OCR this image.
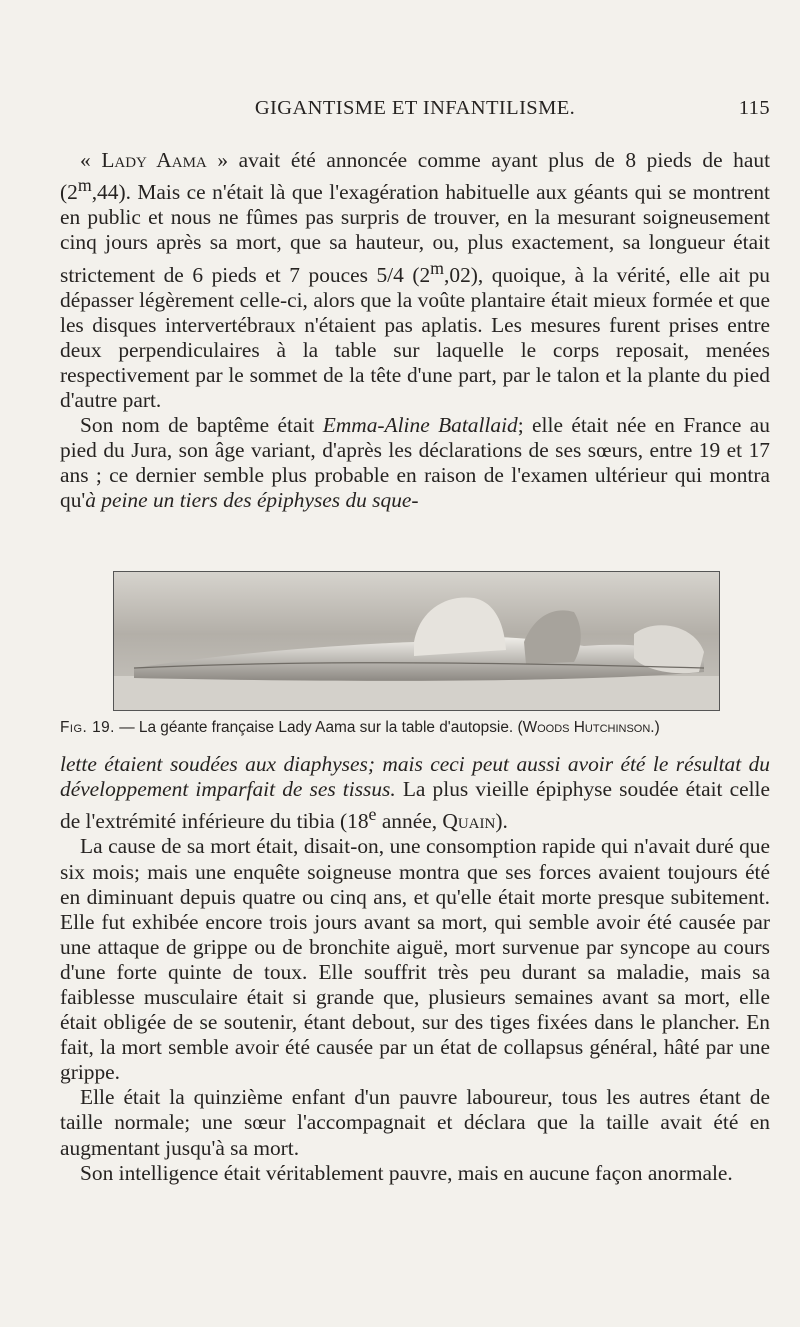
GIGANTISME ET INFANTILISME.	115

« Lady Aama » avait été annoncée comme ayant plus de 8 pieds de haut (2$^m$,44). Mais ce n'était là que l'exagération habituelle aux géants qui se montrent en public et nous ne fûmes pas surpris de trouver, en la mesurant soigneusement cinq jours après sa mort, que sa hauteur, ou, plus exactement, sa longueur était strictement de 6 pieds et 7 pouces 5/4 (2$^m$,02), quoique, à la vérité, elle ait pu dépasser légèrement celle-ci, alors que la voûte plantaire était mieux formée et que les disques intervertébraux n'étaient pas aplatis. Les mesures furent prises entre deux perpendiculaires à la table sur laquelle le corps reposait, menées respectivement par le sommet de la tête d'une part, par le talon et la plante du pied d'autre part.

Son nom de baptême était Emma-Aline Batallaid; elle était née en France au pied du Jura, son âge variant, d'après les déclarations de ses sœurs, entre 19 et 17 ans ; ce dernier semble plus probable en raison de l'examen ultérieur qui montra qu'à peine un tiers des épiphyses du sque-

Fig. 19. — La géante française Lady Aama sur la table d'autopsie. (Woods Hutchinson.)

lette étaient soudées aux diaphyses; mais ceci peut aussi avoir été le résultat du développement imparfait de ses tissus. La plus vieille épiphyse soudée était celle de l'extrémité inférieure du tibia (18e année, Quain).

La cause de sa mort était, disait-on, une consomption rapide qui n'avait duré que six mois; mais une enquête soigneuse montra que ses forces avaient toujours été en diminuant depuis quatre ou cinq ans, et qu'elle était morte presque subitement. Elle fut exhibée encore trois jours avant sa mort, qui semble avoir été causée par une attaque de grippe ou de bronchite aiguë, mort survenue par syncope au cours d'une forte quinte de toux. Elle souffrit très peu durant sa maladie, mais sa faiblesse musculaire était si grande que, plusieurs semaines avant sa mort, elle était obligée de se soutenir, étant debout, sur des tiges fixées dans le plancher. En fait, la mort semble avoir été causée par un état de collapsus général, hâté par une grippe.

Elle était la quinzième enfant d'un pauvre laboureur, tous les autres étant de taille normale; une sœur l'accompagnait et déclara que la taille avait été en augmentant jusqu'à sa mort.

Son intelligence était véritablement pauvre, mais en aucune façon anormale.
